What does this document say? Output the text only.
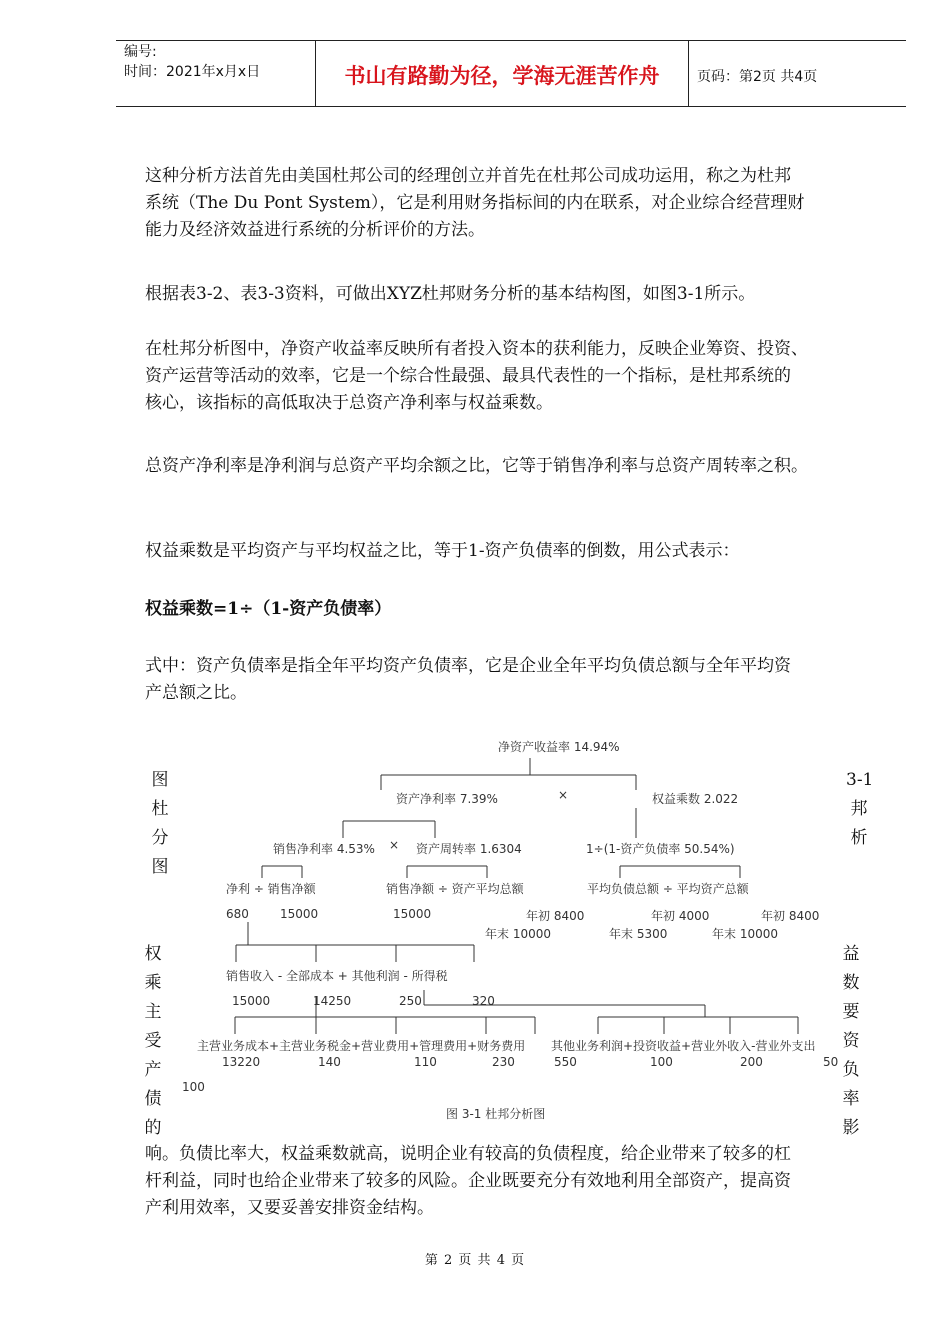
编号:
时间：2021年x月x日	书山有路勤为径，学海无涯苦作舟	页码：第2页 共4页
这种分析方法首先由美国杜邦公司的经理创立并首先在杜邦公司成功运用，称之为杜邦
系统（The Du Pont System），它是利用财务指标间的内在联系，对企业综合经营理财
能力及经济效益进行系统的分析评价的方法。
根据表3-2、表3-3资料，可做出XYZ杜邦财务分析的基本结构图，如图3-1所示。
在杜邦分析图中，净资产收益率反映所有者投入资本的获利能力，反映企业筹资、投资、
资产运营等活动的效率，它是一个综合性最强、最具代表性的一个指标，是杜邦系统的
核心，该指标的高低取决于总资产净利率与权益乘数。
总资产净利率是净利润与总资产平均余额之比，它等于销售净利率与总资产周转率之积。
权益乘数是平均资产与平均权益之比，等于1-资产负债率的倒数，用公式表示：
权益乘数=1÷（1-资产负债率）
式中：资产负债率是指全年平均资产负债率，它是企业全年平均负债总额与全年平均资
产总额之比。
图
杜
分
图
3-1
邦
析
权
乘
主
受
产
债
的
益
数
要
资
负
率
影
100
净资产收益率 14.94%
资产净利率 7.39%	×	权益乘数 2.022
销售净利率 4.53% × 资产周转率 1.6304	1÷(1-资产负债率 50.54%)
净利 ÷ 销售净额	销售净额 ÷ 资产平均总额	平均负债总额 ÷ 平均资产总额
680	15000	15000	年初 8400
年末 10000
年初 4000
年末 5300
年初 8400
年末 10000
销售收入 - 全部成本 + 其他利润 - 所得税
15000	14250	250	320
主营业务成本+主营业务税金+营业费用+管理费用+财务费用 其他业务利润+投资收益+营业外收入-营业外支出
13220	140	110	230	550	100	200	50
图 3-1 杜邦分析图
响。负债比率大，权益乘数就高，说明企业有较高的负债程度，给企业带来了较多的杠
杆利益，同时也给企业带来了较多的风险。企业既要充分有效地利用全部资产，提高资
产利用效率，又要妥善安排资金结构。
第 2 页 共 4 页
